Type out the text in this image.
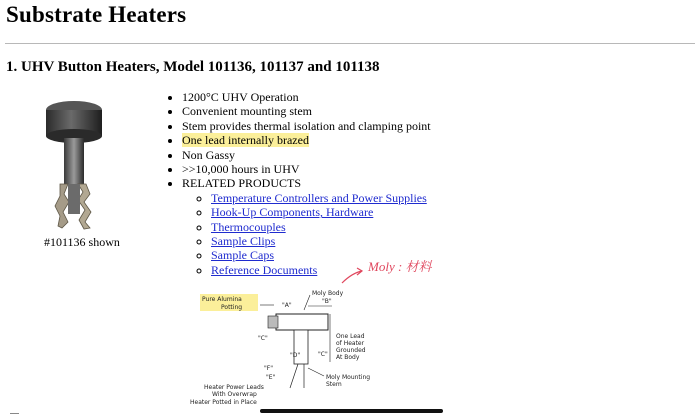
Substrate Heaters
1. UHV Button Heaters, Model 101136, 101137 and 101138
#101136 shown
• 1200°C UHV Operation
• Convenient mounting stem
• Stem provides thermal isolation and clamping point
• One lead internally brazed
• Non Gassy
• >>10,000 hours in UHV
• RELATED PRODUCTS
◦ Temperature Controllers and Power Supplies
◦ Hook-Up Components, Hardware
◦ Thermocouples
◦ Sample Clips
◦ Sample Caps
◦ Reference Documents	Moly : 材料
Pure Alumina
Potting
Moly Body
"B"
"A"
"C"
"C"
"D"
"F"
"E"
One Lead
of Heater
Grounded
At Body
Moly Mounting
Stem
Heater Power Leads
With Overwrap
Heater Potted in Place
